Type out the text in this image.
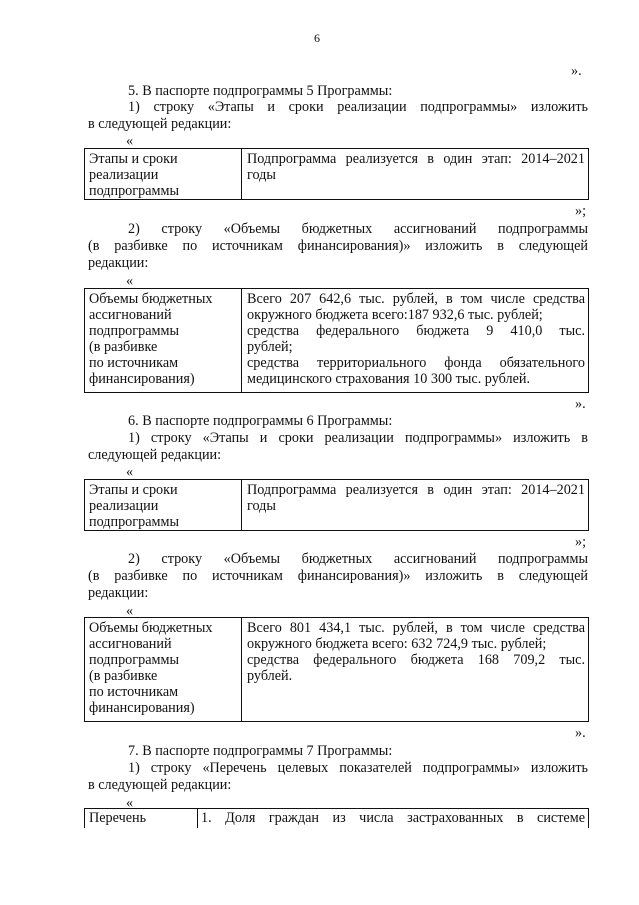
6
».
5. В паспорте подпрограммы 5 Программы:
1) строку «Этапы и сроки реализации подпрограммы» изложить
в следующей редакции:
«
Этапы и сроки
реализации
подпрограммы
Подпрограмма реализуется в один этап: 2014–2021
годы
»;
2) строку «Объемы бюджетных ассигнований подпрограммы
(в разбивке по источникам финансирования)» изложить в следующей
редакции:
«
Объемы бюджетных
ассигнований
подпрограммы
(в разбивке
по источникам
финансирования)
Всего 207 642,6 тыс. рублей, в том числе средства
окружного бюджета всего:187 932,6 тыс. рублей;
средства федерального бюджета 9 410,0 тыс.
рублей;
средства территориального фонда обязательного
медицинского страхования 10 300 тыс. рублей.
».
6. В паспорте подпрограммы 6 Программы:
1) строку «Этапы и сроки реализации подпрограммы» изложить в
следующей редакции:
«
Этапы и сроки
реализации
подпрограммы
Подпрограмма реализуется в один этап: 2014–2021
годы
»;
2) строку «Объемы бюджетных ассигнований подпрограммы
(в разбивке по источникам финансирования)» изложить в следующей
редакции:
«
Объемы бюджетных
ассигнований
подпрограммы
(в разбивке
по источникам
финансирования)
Всего 801 434,1 тыс. рублей, в том числе средства
окружного бюджета всего: 632 724,9 тыс. рублей;
средства федерального бюджета 168 709,2 тыс.
рублей.
».
7. В паспорте подпрограммы 7 Программы:
1) строку «Перечень целевых показателей подпрограммы» изложить
в следующей редакции:
«
Перечень	1. Доля граждан из числа застрахованных в системе
